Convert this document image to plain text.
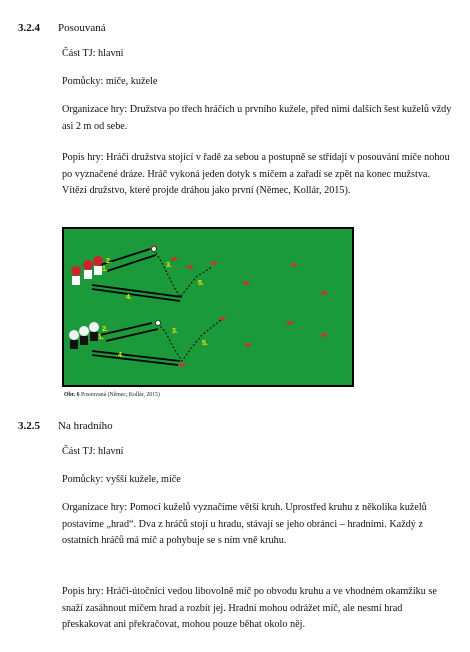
3.2.4 Posouvaná
Část TJ: hlavní
Pomůcky: míče, kužele
Organizace hry: Družstva po třech hráčích u prvního kužele, před nimi dalších šest kuželů vždy asi 2 m od sebe.
Popis hry: Hráči družstva stojící v řadě za sebou a postupně se střídají v posouvání míče nohou po vyznačené dráze. Hráč vykoná jeden dotyk s míčem a zařadí se zpět na konec mužstva. Vítězí družstvo, které projde dráhou jako první (Němec, Kollár, 2015).
1.
2.
3.
4.
5.
1.
2.	3.
4.
5.
Obr. 6 Posouvaná (Němec, Kollár, 2015)
3.2.5 Na hradního
Část TJ: hlavní
Pomůcky: vyšší kužele, míče
Organizace hry: Pomocí kuželů vyznačíme větší kruh. Uprostřed kruhu z několika kuželů postavíme „hrad“. Dva z hráčů stojí u hradu, stávají se jeho obránci – hradními. Každý z ostatních hráčů má míč a pohybuje se s ním vně kruhu.
Popis hry: Hráči-útočníci vedou libovolně míč po obvodu kruhu a ve vhodném okamžiku se snaží zasáhnout míčem hrad a rozbít jej. Hradní mohou odrážet míč, ale nesmí hrad přeskakovat ani překračovat, mohou pouze běhat okolo něj.
